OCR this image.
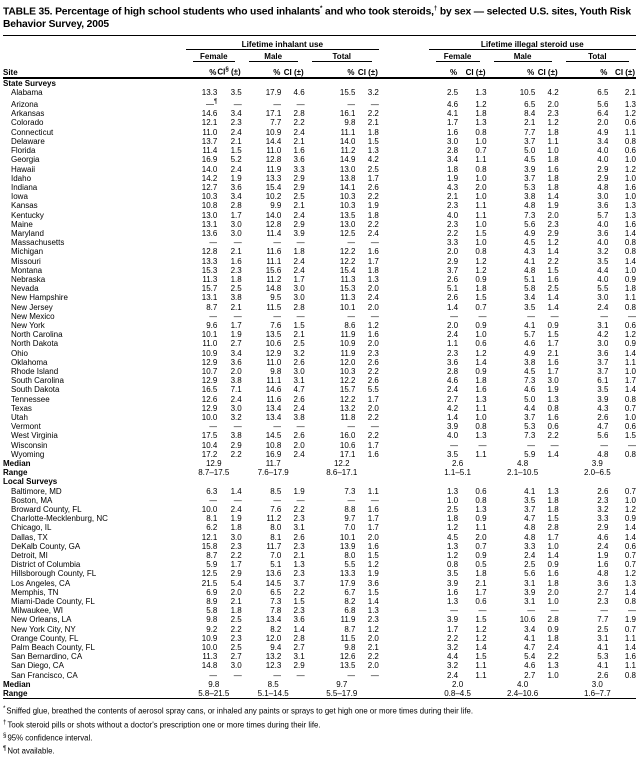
TABLE 35. Percentage of high school students who used inhalants* and who took steroids,† by sex — selected U.S. sites, Youth Risk Behavior Survey, 2005
	Lifetime inhalant use							Lifetime illegal steroid use					

	Female		Male		Total			Female		Male		Total	

Site	%	CI§ (±)	%	CI (±)	%	CI (±)		%	CI (±)	%	CI (±)	%	CI (±)
State Surveys													
Alabama	13.3	3.5	17.9	4.6	15.5	3.2		2.5	1.3	10.5	4.2	6.5	2.1
Arizona	—¶	—	—	—	—	—		4.6	1.2	6.5	2.0	5.6	1.3
Arkansas	14.6	3.4	17.1	2.8	16.1	2.2		4.1	1.8	8.4	2.3	6.4	1.2
Colorado	12.1	2.3	7.7	2.2	9.8	2.1		1.7	1.3	2.1	1.2	2.0	0.6
Connecticut	11.0	2.4	10.9	2.4	11.1	1.8		1.6	0.8	7.7	1.8	4.9	1.1
Delaware	13.7	2.1	14.4	2.1	14.0	1.5		3.0	1.0	3.7	1.1	3.4	0.8
Florida	11.4	1.5	11.0	1.6	11.2	1.3		2.8	0.7	5.0	1.0	4.0	0.6
Georgia	16.9	5.2	12.8	3.6	14.9	4.2		3.4	1.1	4.5	1.8	4.0	1.0
Hawaii	14.0	2.4	11.9	3.3	13.0	2.5		1.8	0.8	3.9	1.6	2.9	1.2
Idaho	14.2	1.9	13.3	2.9	13.8	1.7		1.9	1.0	3.7	1.8	2.9	1.0
Indiana	12.7	3.6	15.4	2.9	14.1	2.6		4.3	2.0	5.3	1.8	4.8	1.6
Iowa	10.3	3.4	10.2	2.5	10.3	2.2		2.1	1.0	3.8	1.4	3.0	1.0
Kansas	10.8	2.8	9.9	2.1	10.3	1.9		2.3	1.1	4.8	1.9	3.6	1.3
Kentucky	13.0	1.7	14.0	2.4	13.5	1.8		4.0	1.1	7.3	2.0	5.7	1.3
Maine	13.1	3.0	12.8	2.9	13.0	2.2		2.3	1.0	5.6	2.3	4.0	1.6
Maryland	13.6	3.0	11.4	3.9	12.5	2.4		2.2	1.5	4.9	2.9	3.6	1.4
Massachusetts	—	—	—	—	—	—		3.3	1.0	4.5	1.2	4.0	0.8
Michigan	12.8	2.1	11.6	1.8	12.2	1.6		2.0	0.8	4.3	1.4	3.2	0.8
Missouri	13.3	1.6	11.1	2.4	12.2	1.7		2.9	1.2	4.1	2.2	3.5	1.4
Montana	15.3	2.3	15.6	2.4	15.4	1.8		3.7	1.2	4.8	1.5	4.4	1.0
Nebraska	11.3	1.8	11.2	1.7	11.3	1.3		2.6	0.9	5.1	1.6	4.0	0.9
Nevada	15.7	2.5	14.8	3.0	15.3	2.0		5.1	1.8	5.8	2.5	5.5	1.8
New Hampshire	13.1	3.8	9.5	3.0	11.3	2.4		2.6	1.5	3.4	1.4	3.0	1.1
New Jersey	8.7	2.1	11.5	2.8	10.1	2.0		1.4	0.7	3.5	1.4	2.4	0.8
New Mexico	—	—	—	—	—	—		—	—	—	—	—	—
New York	9.6	1.7	7.6	1.5	8.6	1.2		2.0	0.9	4.1	0.9	3.1	0.6
North Carolina	10.1	1.9	13.5	2.1	11.9	1.6		2.4	1.0	5.7	1.5	4.2	1.2
North Dakota	11.0	2.7	10.6	2.5	10.9	2.0		1.1	0.6	4.6	1.7	3.0	0.9
Ohio	10.9	3.4	12.9	3.2	11.9	2.3		2.3	1.2	4.9	2.1	3.6	1.4
Oklahoma	12.9	3.6	11.0	2.6	12.0	2.6		3.6	1.4	3.8	1.6	3.7	1.1
Rhode Island	10.7	2.0	9.8	3.0	10.3	2.2		2.8	0.9	4.5	1.7	3.7	1.0
South Carolina	12.9	3.8	11.1	3.1	12.2	2.6		4.6	1.8	7.3	3.0	6.1	1.7
South Dakota	16.5	7.1	14.6	4.7	15.7	5.5		2.4	1.6	4.6	1.9	3.5	1.4
Tennessee	12.6	2.4	11.6	2.6	12.2	1.7		2.7	1.3	5.0	1.3	3.9	0.8
Texas	12.9	3.0	13.4	2.4	13.2	2.0		4.2	1.1	4.4	0.8	4.3	0.7
Utah	10.0	3.2	13.4	3.8	11.8	2.2		1.4	1.0	3.7	1.6	2.6	1.0
Vermont	—	—	—	—	—	—		3.9	0.8	5.3	0.6	4.7	0.6
West Virginia	17.5	3.8	14.5	2.6	16.0	2.2		4.0	1.3	7.3	2.2	5.6	1.5
Wisconsin	10.4	2.9	10.8	2.0	10.6	1.7		—	—	—	—	—	—
Wyoming	17.2	2.2	16.9	2.4	17.1	1.6		3.5	1.1	5.9	1.4	4.8	0.8
Median	12.9		11.7		12.2			2.6		4.8		3.9	
Range	8.7–17.5		7.6–17.9		8.6–17.1			1.1–5.1		2.1–10.5		2.0–6.5	
Local Surveys													
Baltimore, MD	6.3	1.4	8.5	1.9	7.3	1.1		1.3	0.6	4.1	1.3	2.6	0.7
Boston, MA	—	—	—	—	—	—		1.0	0.8	3.5	1.8	2.3	1.0
Broward County, FL	10.0	2.4	7.6	2.2	8.8	1.6		2.5	1.3	3.7	1.8	3.2	1.2
Charlotte-Mecklenburg, NC	8.1	1.9	11.2	2.3	9.7	1.7		1.8	0.9	4.7	1.5	3.3	0.9
Chicago, IL	6.2	1.8	8.0	3.1	7.0	1.7		1.2	1.1	4.8	2.8	2.9	1.4
Dallas, TX	12.1	3.0	8.1	2.6	10.1	2.0		4.5	2.0	4.8	1.7	4.6	1.4
DeKalb County, GA	15.8	2.3	11.7	2.3	13.9	1.6		1.3	0.7	3.3	1.0	2.4	0.6
Detroit, MI	8.7	2.2	7.0	2.1	8.0	1.5		1.2	0.9	2.4	1.4	1.9	0.7
District of Columbia	5.9	1.7	5.1	1.3	5.5	1.2		0.8	0.5	2.5	0.9	1.6	0.7
Hillsborough County, FL	12.5	2.9	13.6	2.3	13.3	1.9		3.5	1.8	5.6	1.6	4.8	1.2
Los Angeles, CA	21.5	5.4	14.5	3.7	17.9	3.6		3.9	2.1	3.1	1.8	3.6	1.3
Memphis, TN	6.9	2.0	6.5	2.2	6.7	1.5		1.6	1.7	3.9	2.0	2.7	1.4
Miami-Dade County, FL	8.9	2.1	7.3	1.5	8.2	1.4		1.3	0.6	3.1	1.0	2.3	0.8
Milwaukee, WI	5.8	1.8	7.8	2.3	6.8	1.3		—	—	—	—	—	—
New Orleans, LA	9.8	2.5	13.4	3.6	11.9	2.3		3.9	1.5	10.6	2.8	7.7	1.9
New York City, NY	9.2	2.2	8.2	1.4	8.7	1.2		1.7	1.2	3.4	0.9	2.5	0.7
Orange County, FL	10.9	2.3	12.0	2.8	11.5	2.0		2.2	1.2	4.1	1.8	3.1	1.1
Palm Beach County, FL	10.0	2.5	9.4	2.7	9.8	2.1		3.2	1.4	4.7	2.4	4.1	1.4
San Bernardino, CA	11.3	2.7	13.2	3.1	12.6	2.2		4.4	1.5	5.4	2.2	5.3	1.6
San Diego, CA	14.8	3.0	12.3	2.9	13.5	2.0		3.2	1.1	4.6	1.3	4.1	1.1
San Francisco, CA	—	—	—	—	—	—		2.4	1.1	2.7	1.0	2.6	0.8
Median	9.8		8.5		9.7			2.0		4.0		3.0	
Range	5.8–21.5		5.1–14.5		5.5–17.9			0.8–4.5		2.4–10.6		1.6–7.7	
*Sniffed glue, breathed the contents of aerosol spray cans, or inhaled any paints or sprays to get high one or more times during their life.
†Took steroid pills or shots without a doctor's prescription one or more times during their life.
§95% confidence interval.
¶Not available.
